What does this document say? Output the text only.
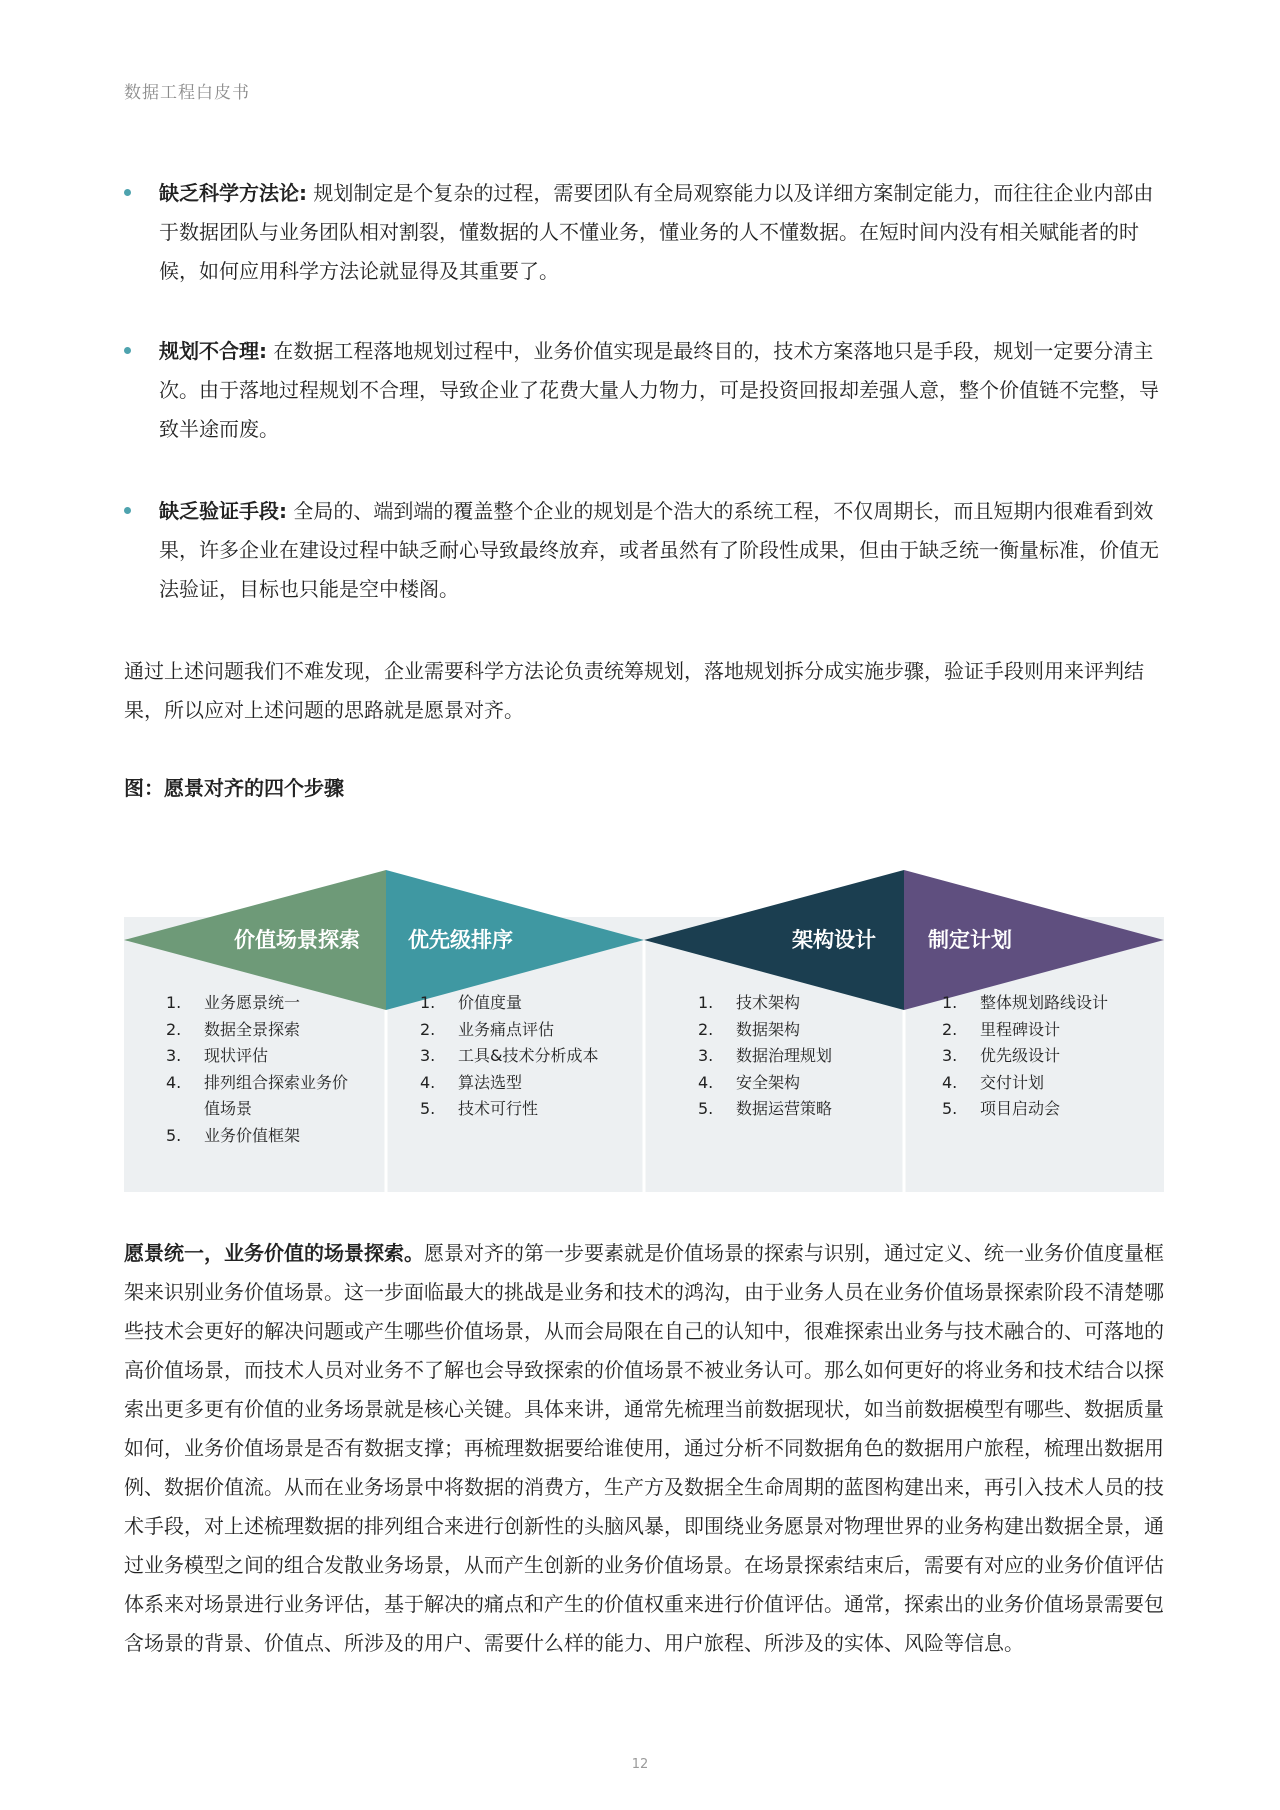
数据工程白皮书
缺乏科学方法论: 规划制定是个复杂的过程，需要团队有全局观察能力以及详细方案制定能力，而往往企业内部由于数据团队与业务团队相对割裂，懂数据的人不懂业务，懂业务的人不懂数据。在短时间内没有相关赋能者的时候，如何应用科学方法论就显得及其重要了。
规划不合理: 在数据工程落地规划过程中，业务价值实现是最终目的，技术方案落地只是手段，规划一定要分清主次。由于落地过程规划不合理，导致企业了花费大量人力物力，可是投资回报却差强人意，整个价值链不完整，导致半途而废。
缺乏验证手段: 全局的、端到端的覆盖整个企业的规划是个浩大的系统工程，不仅周期长，而且短期内很难看到效果，许多企业在建设过程中缺乏耐心导致最终放弃，或者虽然有了阶段性成果，但由于缺乏统一衡量标准，价值无法验证，目标也只能是空中楼阁。
通过上述问题我们不难发现，企业需要科学方法论负责统筹规划，落地规划拆分成实施步骤，验证手段则用来评判结果，所以应对上述问题的思路就是愿景对齐。
图：愿景对齐的四个步骤
价值场景探索 优先级排序	架构设计 制定计划
1. 业务愿景统一
2. 数据全景探索
3. 现状评估
4. 排列组合探索业务价值场景
5. 业务价值框架
1. 价值度量
2. 业务痛点评估
3. 工具&技术分析成本
4. 算法选型
5. 技术可行性
1. 技术架构
2. 数据架构
3. 数据治理规划
4. 安全架构
5. 数据运营策略
1. 整体规划路线设计
2. 里程碑设计
3. 优先级设计
4. 交付计划
5. 项目启动会
愿景统一，业务价值的场景探索。愿景对齐的第一步要素就是价值场景的探索与识别，通过定义、统一业务价值度量框架来识别业务价值场景。这一步面临最大的挑战是业务和技术的鸿沟，由于业务人员在业务价值场景探索阶段不清楚哪些技术会更好的解决问题或产生哪些价值场景，从而会局限在自己的认知中，很难探索出业务与技术融合的、可落地的高价值场景，而技术人员对业务不了解也会导致探索的价值场景不被业务认可。那么如何更好的将业务和技术结合以探索出更多更有价值的业务场景就是核心关键。具体来讲，通常先梳理当前数据现状，如当前数据模型有哪些、数据质量如何，业务价值场景是否有数据支撑；再梳理数据要给谁使用，通过分析不同数据角色的数据用户旅程，梳理出数据用例、数据价值流。从而在业务场景中将数据的消费方，生产方及数据全生命周期的蓝图构建出来，再引入技术人员的技术手段，对上述梳理数据的排列组合来进行创新性的头脑风暴，即围绕业务愿景对物理世界的业务构建出数据全景，通过业务模型之间的组合发散业务场景，从而产生创新的业务价值场景。在场景探索结束后，需要有对应的业务价值评估体系来对场景进行业务评估，基于解决的痛点和产生的价值权重来进行价值评估。通常，探索出的业务价值场景需要包含场景的背景、价值点、所涉及的用户、需要什么样的能力、用户旅程、所涉及的实体、风险等信息。
12
